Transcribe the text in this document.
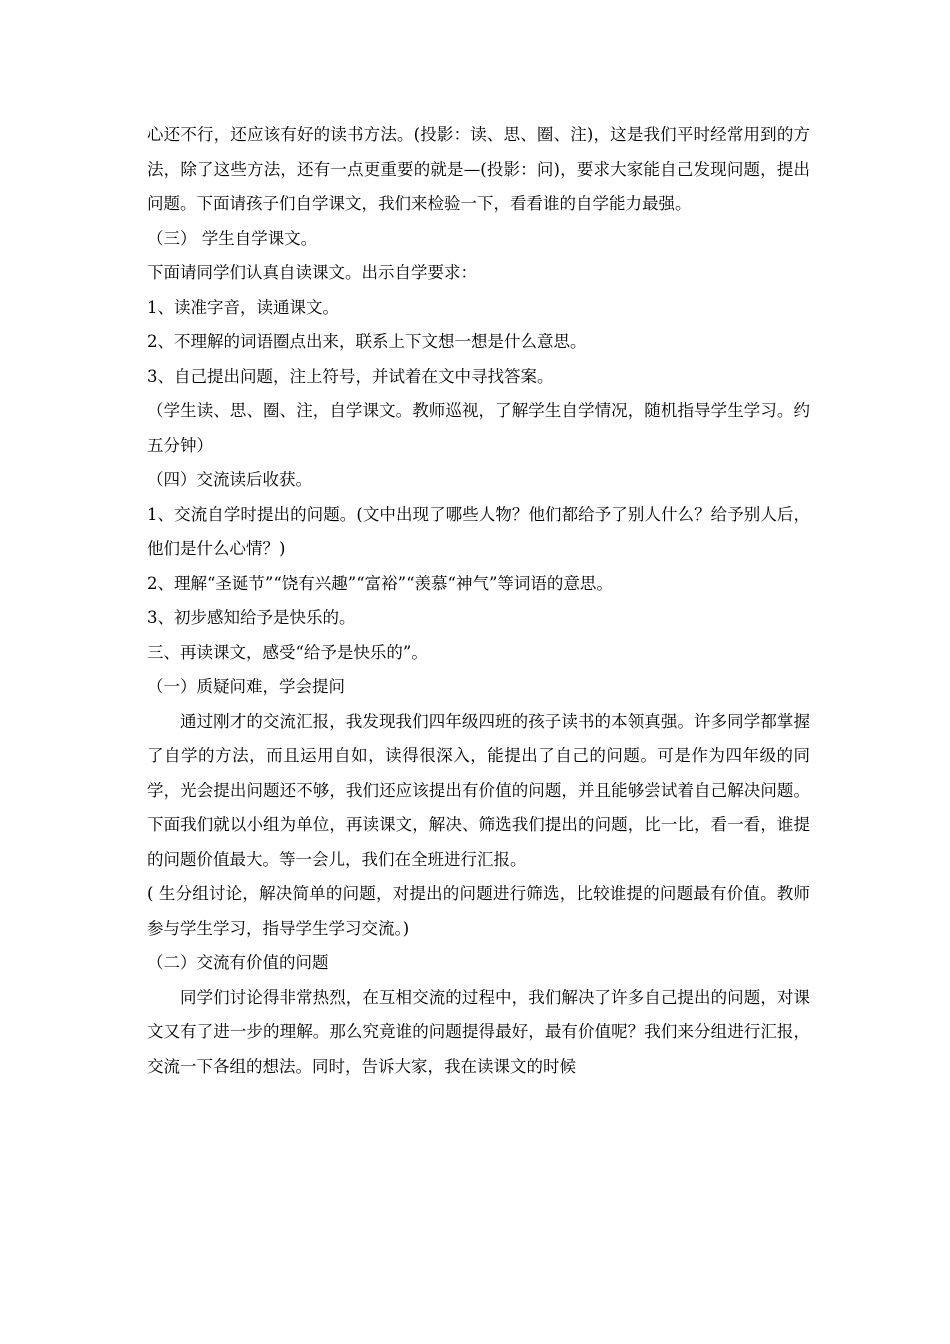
心还不行，还应该有好的读书方法。(投影：读、思、圈、注)，这是我们平时经常用到的方法，除了这些方法，还有一点更重要的就是—(投影：问)，要求大家能自己发现问题，提出问题。下面请孩子们自学课文，我们来检验一下，看看谁的自学能力最强。

（三） 学生自学课文。

下面请同学们认真自读课文。出示自学要求：

1、读准字音，读通课文。

2、不理解的词语圈点出来，联系上下文想一想是什么意思。

3、自己提出问题，注上符号，并试着在文中寻找答案。

（学生读、思、圈、注，自学课文。教师巡视，了解学生自学情况，随机指导学生学习。约五分钟）

（四）交流读后收获。

1、交流自学时提出的问题。(文中出现了哪些人物？他们都给予了别人什么？给予别人后，他们是什么心情？)

2、理解“圣诞节”“饶有兴趣”“富裕”“羡慕“神气”等词语的意思。

3、初步感知给予是快乐的。

三、再读课文，感受“给予是快乐的”。

（一）质疑问难，学会提问

通过刚才的交流汇报，我发现我们四年级四班的孩子读书的本领真强。许多同学都掌握了自学的方法，而且运用自如，读得很深入，能提出了自己的问题。可是作为四年级的同学，光会提出问题还不够，我们还应该提出有价值的问题，并且能够尝试着自己解决问题。下面我们就以小组为单位，再读课文，解决、筛选我们提出的问题，比一比，看一看，谁提的问题价值最大。等一会儿，我们在全班进行汇报。

( 生分组讨论，解决简单的问题，对提出的问题进行筛选，比较谁提的问题最有价值。教师参与学生学习，指导学生学习交流。)

（二）交流有价值的问题

同学们讨论得非常热烈，在互相交流的过程中，我们解决了许多自己提出的问题，对课文又有了进一步的理解。那么究竟谁的问题提得最好，最有价值呢？我们来分组进行汇报，交流一下各组的想法。同时，告诉大家，我在读课文的时候
